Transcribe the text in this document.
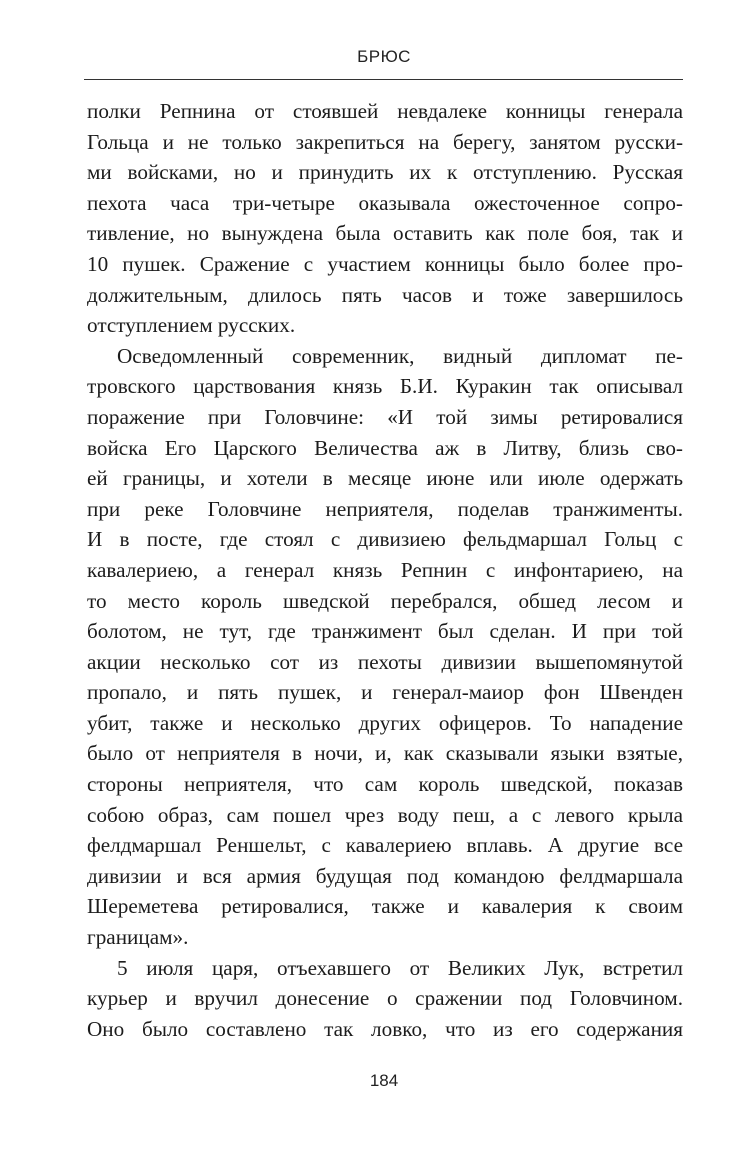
БРЮС
полки Репнина от стоявшей невдалеке конницы генерала
Гольца и не только закрепиться на берегу, занятом русски-
ми войсками, но и принудить их к отступлению. Русская
пехота часа три-четыре оказывала ожесточенное сопро-
тивление, но вынуждена была оставить как поле боя, так и
10 пушек. Сражение с участием конницы было более про-
должительным, длилось пять часов и тоже завершилось
отступлением русских.
Осведомленный современник, видный дипломат пе-
тровского царствования князь Б.И. Куракин так описывал
поражение при Головчине: «И той зимы ретировалися
войска Его Царского Величества аж в Литву, близь сво-
ей границы, и хотели в месяце июне или июле одержать
при реке Головчине неприятеля, поделав транжименты.
И в посте, где стоял с дивизиею фельдмаршал Гольц с
кавалериею, а генерал князь Репнин с инфонтариею, на
то место король шведской перебрался, обшед лесом и
болотом, не тут, где транжимент был сделан. И при той
акции несколько сот из пехоты дивизии вышепомянутой
пропало, и пять пушек, и генерал-маиор фон Швенден
убит, также и несколько других офицеров. То нападение
было от неприятеля в ночи, и, как сказывали языки взятые,
стороны неприятеля, что сам король шведской, показав
собою образ, сам пошел чрез воду пеш, а с левого крыла
фелдмаршал Реншельт, с кавалериею вплавь. А другие все
дивизии и вся армия будущая под командою фелдмаршала
Шереметева ретировалися, также и кавалерия к своим
границам».
5 июля царя, отъехавшего от Великих Лук, встретил
курьер и вручил донесение о сражении под Головчином.
Оно было составлено так ловко, что из его содержания
184
